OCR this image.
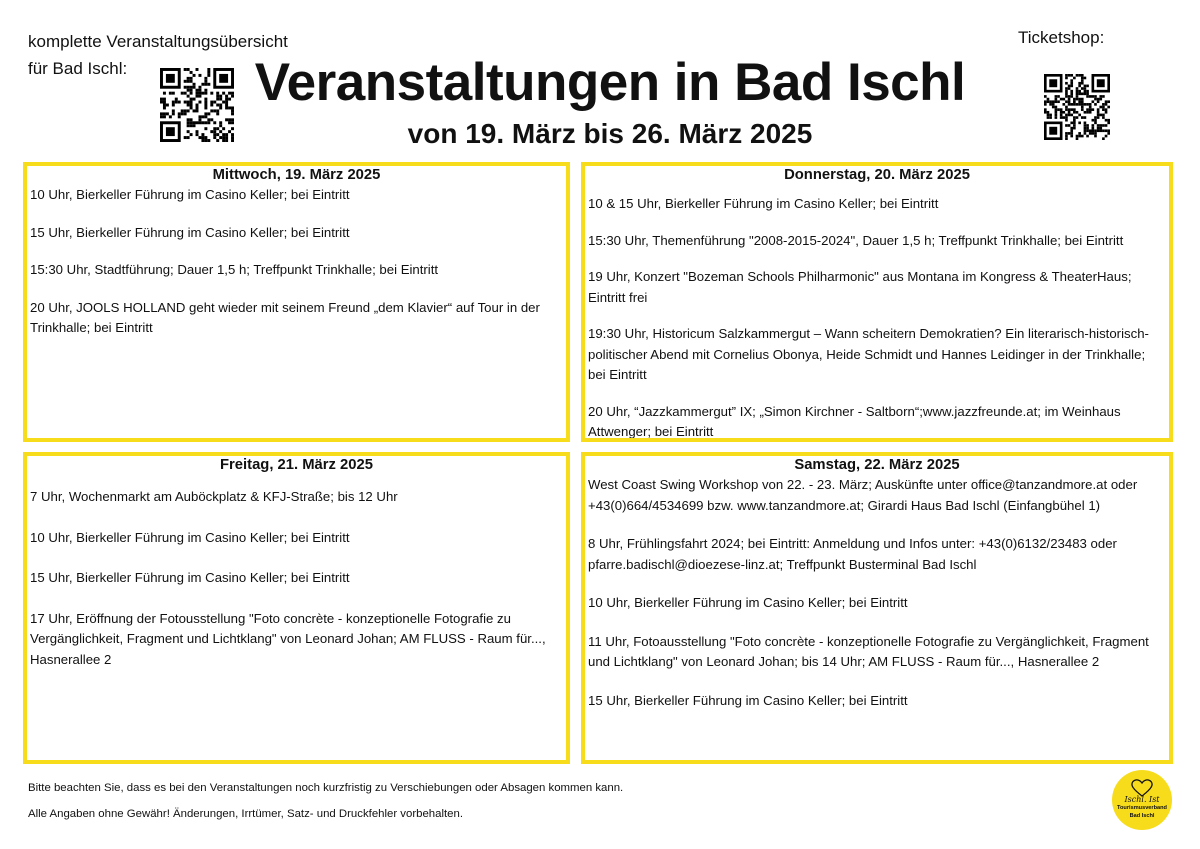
komplette Veranstaltungsübersicht
für Bad Ischl:	Veranstaltungen in Bad Ischl
von 19. März bis 26. März 2025
Ticketshop:
Mittwoch, 19. März 2025
10 Uhr, Bierkeller Führung im Casino Keller; bei Eintritt
15 Uhr, Bierkeller Führung im Casino Keller; bei Eintritt
15:30 Uhr, Stadtführung; Dauer 1,5 h; Treffpunkt Trinkhalle; bei Eintritt
20 Uhr, JOOLS HOLLAND geht wieder mit seinem Freund „dem Klavier“ auf Tour in der Trinkhalle; bei Eintritt
Donnerstag, 20. März 2025
10 & 15 Uhr, Bierkeller Führung im Casino Keller; bei Eintritt
15:30 Uhr, Themenführung "2008-2015-2024", Dauer 1,5 h; Treffpunkt Trinkhalle; bei Eintritt
19 Uhr, Konzert "Bozeman Schools Philharmonic" aus Montana im Kongress & TheaterHaus; Eintritt frei
19:30 Uhr, Historicum Salzkammergut – Wann scheitern Demokratien? Ein literarisch-historisch-politischer Abend mit Cornelius Obonya, Heide Schmidt und Hannes Leidinger in der Trinkhalle; bei Eintritt
20 Uhr, “Jazzkammergut” IX; „Simon Kirchner - Saltborn“;www.jazzfreunde.at; im Weinhaus Attwenger; bei Eintritt
Freitag, 21. März 2025
7 Uhr, Wochenmarkt am Auböckplatz & KFJ-Straße; bis 12 Uhr
10 Uhr, Bierkeller Führung im Casino Keller; bei Eintritt
15 Uhr, Bierkeller Führung im Casino Keller; bei Eintritt
17 Uhr, Eröffnung der Fotousstellung "Foto concrète - konzeptionelle Fotografie zu Vergänglichkeit, Fragment und Lichtklang" von Leonard Johan; AM FLUSS - Raum für..., Hasnerallee 2
Samstag, 22. März 2025
West Coast Swing Workshop von 22. - 23. März; Auskünfte unter office@tanzandmore.at oder +43(0)664/4534699 bzw. www.tanzandmore.at; Girardi Haus Bad Ischl (Einfangbühel 1)
8 Uhr, Frühlingsfahrt 2024; bei Eintritt: Anmeldung und Infos unter: +43(0)6132/23483 oder pfarre.badischl@dioezese-linz.at; Treffpunkt Busterminal Bad Ischl
10 Uhr, Bierkeller Führung im Casino Keller; bei Eintritt
11 Uhr, Fotoausstellung "Foto concrète - konzeptionelle Fotografie zu Vergänglichkeit, Fragment und Lichtklang" von Leonard Johan; bis 14 Uhr; AM FLUSS - Raum für..., Hasnerallee 2
15 Uhr, Bierkeller Führung im Casino Keller; bei Eintritt
Bitte beachten Sie, dass es bei den Veranstaltungen noch kurzfristig zu Verschiebungen oder Absagen kommen kann.
Alle Angaben ohne Gewähr! Änderungen, Irrtümer, Satz- und Druckfehler vorbehalten.
Ischl. Ist
Tourismusverband
Bad Ischl
